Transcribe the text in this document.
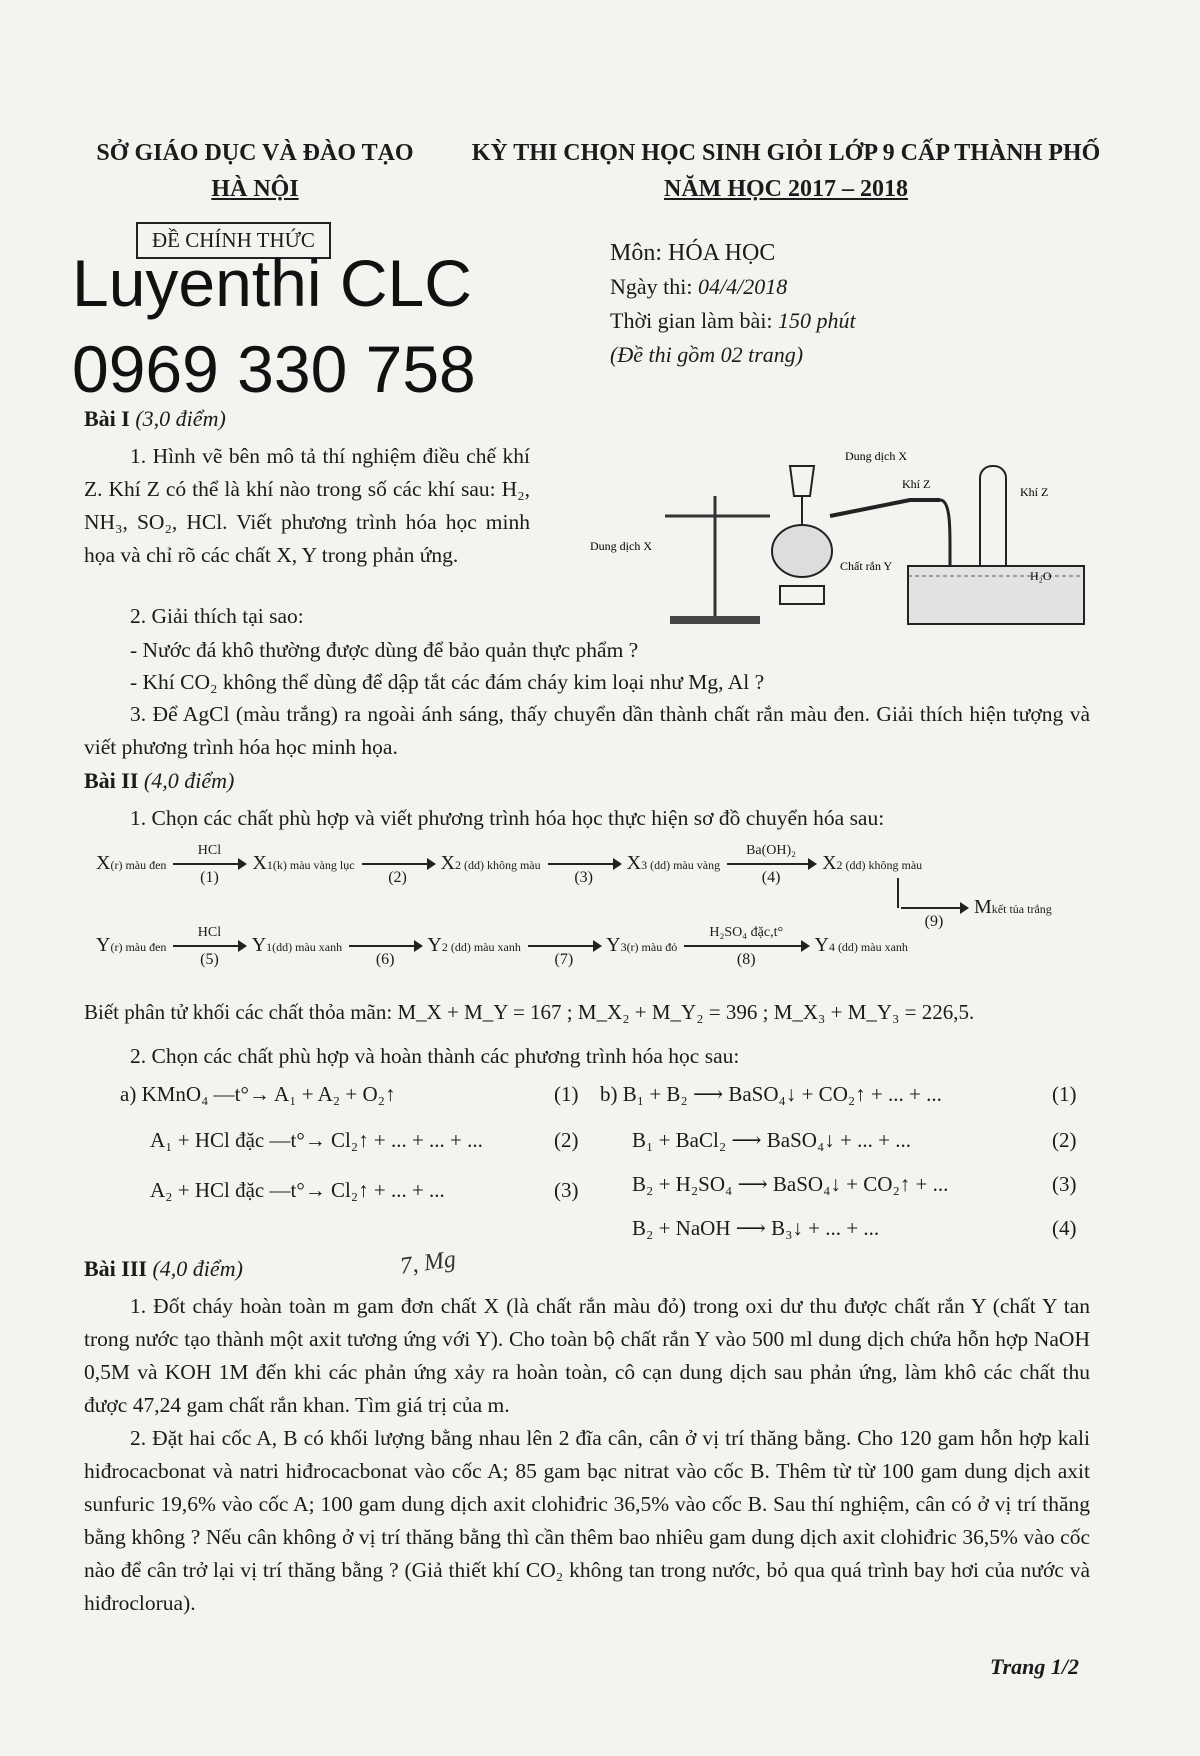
SỞ GIÁO DỤC VÀ ĐÀO TẠO
HÀ NỘI
KỲ THI CHỌN HỌC SINH GIỎI LỚP 9 CẤP THÀNH PHỐ
NĂM HỌC 2017 – 2018
ĐỀ CHÍNH THỨC
Luyenthi CLC
0969 330 758
Môn: HÓA HỌC
Ngày thi: 04/4/2018
Thời gian làm bài: 150 phút
(Đề thi gồm 02 trang)
Bài I (3,0 điểm)
1. Hình vẽ bên mô tả thí nghiệm điều chế khí Z. Khí Z có thể là khí nào trong số các khí sau: H₂, NH₃, SO₂, HCl. Viết phương trình hóa học minh họa và chỉ rõ các chất X, Y trong phản ứng.
Dung dịch X
Khí Z
Khí Z
Dung dịch X
Chất rắn Y
H₂O
2. Giải thích tại sao:
- Nước đá khô thường được dùng để bảo quản thực phẩm ?
- Khí CO₂ không thể dùng để dập tắt các đám cháy kim loại như Mg, Al ?
3. Để AgCl (màu trắng) ra ngoài ánh sáng, thấy chuyển dần thành chất rắn màu đen. Giải thích hiện tượng và viết phương trình hóa học minh họa.
Bài II (4,0 điểm)
1. Chọn các chất phù hợp và viết phương trình hóa học thực hiện sơ đồ chuyển hóa sau:
X(r) màu đen
HCl
(1)
X1(k) màu vàng lục
(2)
X2 (dd) không màu
(3)
X3 (dd) màu vàng
Ba(OH)₂
(4)
X2 (dd) không màu
(9)
Mkết tủa trắng
Y(r) màu đen
HCl
(5)
Y1(dd) màu xanh
(6)
Y2 (dd) màu xanh
(7)
Y3(r) màu đỏ
H₂SO₄ đặc,t°
(8)
Y4 (dd) màu xanh
Biết phân tử khối các chất thỏa mãn: M_X + M_Y = 167 ; M_X₂ + M_Y₂ = 396 ; M_X₃ + M_Y₃ = 226,5.
2. Chọn các chất phù hợp và hoàn thành các phương trình hóa học sau:
a) KMnO₄ —t°→ A₁ + A₂ + O₂↑	(1)
A₁ + HCl đặc —t°→ Cl₂↑ + ... + ... + ...	(2)
A₂ + HCl đặc —t°→ Cl₂↑ + ... + ...	(3)
b) B₁ + B₂ ⟶ BaSO₄↓ + CO₂↑ + ... + ...	(1)
B₁ + BaCl₂ ⟶ BaSO₄↓ + ... + ...	(2)
B₂ + H₂SO₄ ⟶ BaSO₄↓ + CO₂↑ + ...	(3)
B₂ + NaOH ⟶ B₃↓ + ... + ...	(4)
Bài III (4,0 điểm)	7, Mg
1. Đốt cháy hoàn toàn m gam đơn chất X (là chất rắn màu đỏ) trong oxi dư thu được chất rắn Y (chất Y tan trong nước tạo thành một axit tương ứng với Y). Cho toàn bộ chất rắn Y vào 500 ml dung dịch chứa hỗn hợp NaOH 0,5M và KOH 1M đến khi các phản ứng xảy ra hoàn toàn, cô cạn dung dịch sau phản ứng, làm khô các chất thu được 47,24 gam chất rắn khan. Tìm giá trị của m.
2. Đặt hai cốc A, B có khối lượng bằng nhau lên 2 đĩa cân, cân ở vị trí thăng bằng. Cho 120 gam hỗn hợp kali hiđrocacbonat và natri hiđrocacbonat vào cốc A; 85 gam bạc nitrat vào cốc B. Thêm từ từ 100 gam dung dịch axit sunfuric 19,6% vào cốc A; 100 gam dung dịch axit clohiđric 36,5% vào cốc B. Sau thí nghiệm, cân có ở vị trí thăng bằng không ? Nếu cân không ở vị trí thăng bằng thì cần thêm bao nhiêu gam dung dịch axit clohiđric 36,5% vào cốc nào để cân trở lại vị trí thăng bằng ? (Giả thiết khí CO₂ không tan trong nước, bỏ qua quá trình bay hơi của nước và hiđroclorua).
Trang 1/2
